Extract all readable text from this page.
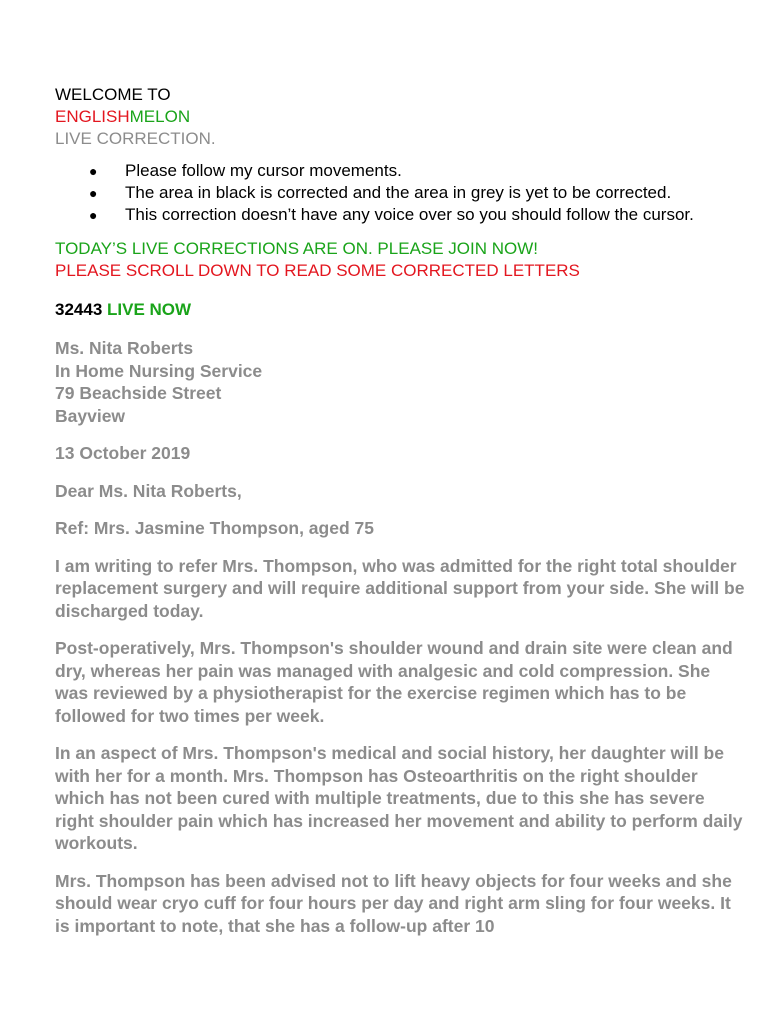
WELCOME TO
ENGLISHMELON
LIVE CORRECTION.
● Please follow my cursor movements.
● The area in black is corrected and the area in grey is yet to be corrected.
● This correction doesn’t have any voice over so you should follow the cursor.
TODAY’S LIVE CORRECTIONS ARE ON. PLEASE JOIN NOW!
PLEASE SCROLL DOWN TO READ SOME CORRECTED LETTERS
32443 LIVE NOW
Ms. Nita Roberts
In Home Nursing Service
79 Beachside Street
Bayview
13 October 2019
Dear Ms. Nita Roberts,
Ref: Mrs. Jasmine Thompson, aged 75
I am writing to refer Mrs. Thompson, who was admitted for the right total shoulder replacement surgery and will require additional support from your side. She will be discharged today.
Post-operatively, Mrs. Thompson's shoulder wound and drain site were clean and dry, whereas her pain was managed with analgesic and cold compression. She was reviewed by a physiotherapist for the exercise regimen which has to be followed for two times per week.
In an aspect of Mrs. Thompson's medical and social history, her daughter will be with her for a month. Mrs. Thompson has Osteoarthritis on the right shoulder which has not been cured with multiple treatments, due to this she has severe right shoulder pain which has increased her movement and ability to perform daily workouts.
Mrs. Thompson has been advised not to lift heavy objects for four weeks and she should wear cryo cuff for four hours per day and right arm sling for four weeks. It is important to note, that she has a follow-up after 10
